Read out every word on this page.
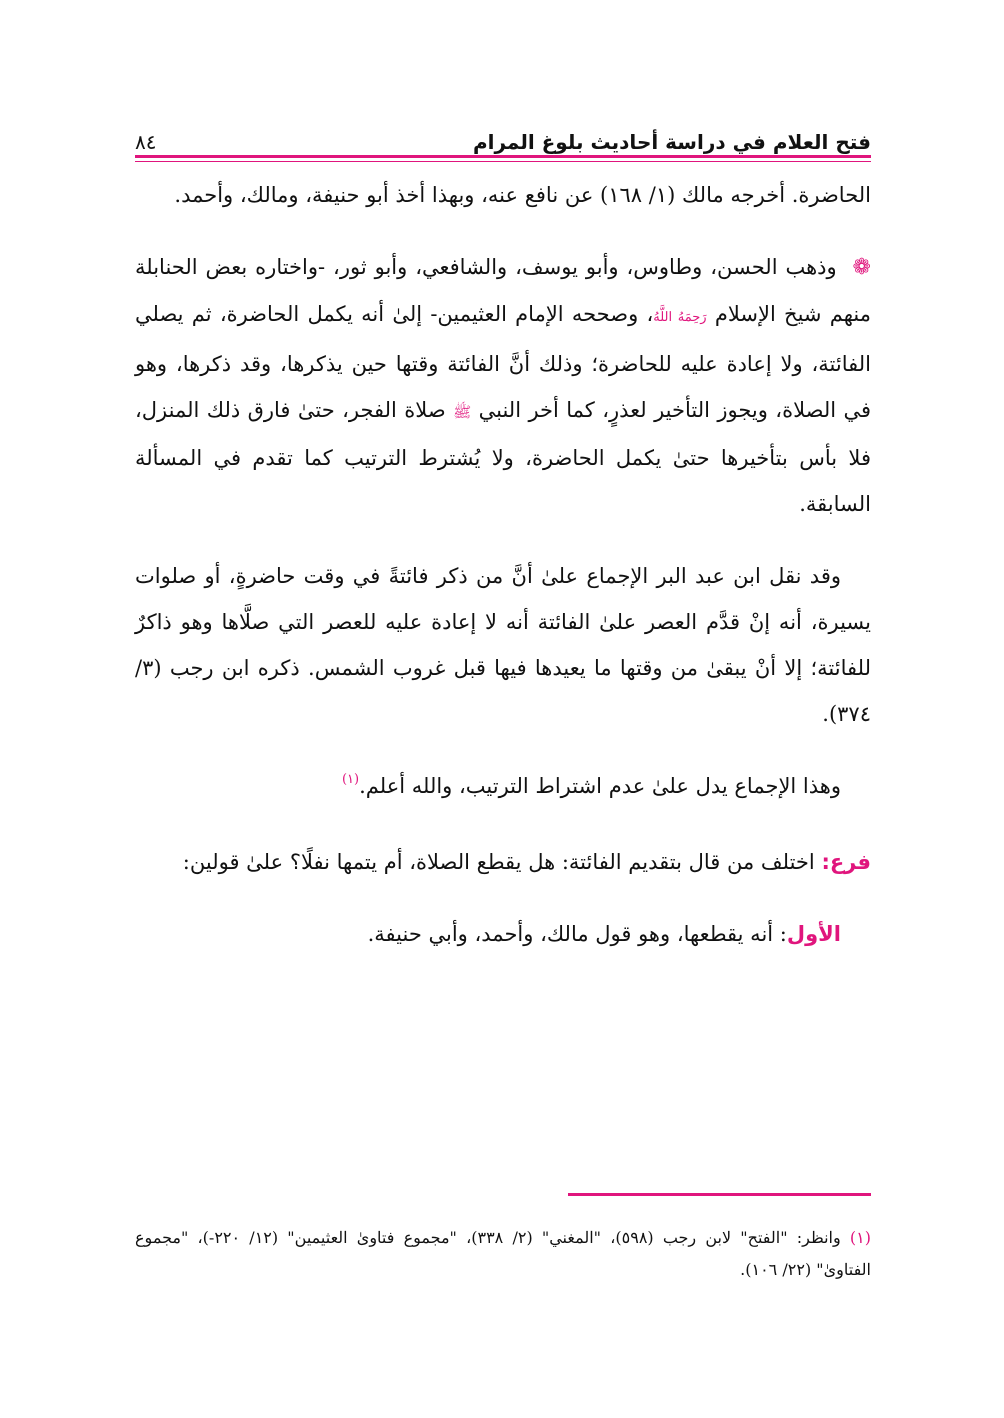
فتح العلام في دراسة أحاديث بلوغ المرام
٨٤

الحاضرة. أخرجه مالك (١/ ١٦٨) عن نافع عنه، وبهذا أخذ أبو حنيفة، ومالك، وأحمد.

❁  وذهب الحسن، وطاوس، وأبو يوسف، والشافعي، وأبو ثور، -واختاره بعض الحنابلة منهم شيخ الإسلام رَحِمَهُ اللَّهُ، وصححه الإمام العثيمين- إلىٰ أنه يكمل الحاضرة، ثم يصلي الفائتة، ولا إعادة عليه للحاضرة؛ وذلك أنَّ الفائتة وقتها حين يذكرها، وقد ذكرها، وهو في الصلاة، ويجوز التأخير لعذرٍ، كما أخر النبي ﷺ صلاة الفجر، حتىٰ فارق ذلك المنزل، فلا بأس بتأخيرها حتىٰ يكمل الحاضرة، ولا يُشترط الترتيب كما تقدم في المسألة السابقة.

وقد نقل ابن عبد البر الإجماع علىٰ أنَّ من ذكر فائتةً في وقت حاضرةٍ، أو صلوات يسيرة، أنه إنْ قدَّم العصر علىٰ الفائتة أنه لا إعادة عليه للعصر التي صلَّاها وهو ذاكرٌ للفائتة؛ إلا أنْ يبقىٰ من وقتها ما يعيدها فيها قبل غروب الشمس. ذكره ابن رجب (٣/ ٣٧٤).

وهذا الإجماع يدل علىٰ عدم اشتراط الترتيب، والله أعلم.$^{(١)}$

فرع: اختلف من قال بتقديم الفائتة: هل يقطع الصلاة، أم يتمها نفلًا؟ علىٰ قولين:

الأول: أنه يقطعها، وهو قول مالك، وأحمد، وأبي حنيفة.

(١) وانظر: "الفتح" لابن رجب (٥٩٨)، "المغني" (٢/ ٣٣٨)، "مجموع فتاوىٰ العثيمين" (١٢/ ٢٢٠-)، "مجموع الفتاوىٰ" (٢٢/ ١٠٦).
